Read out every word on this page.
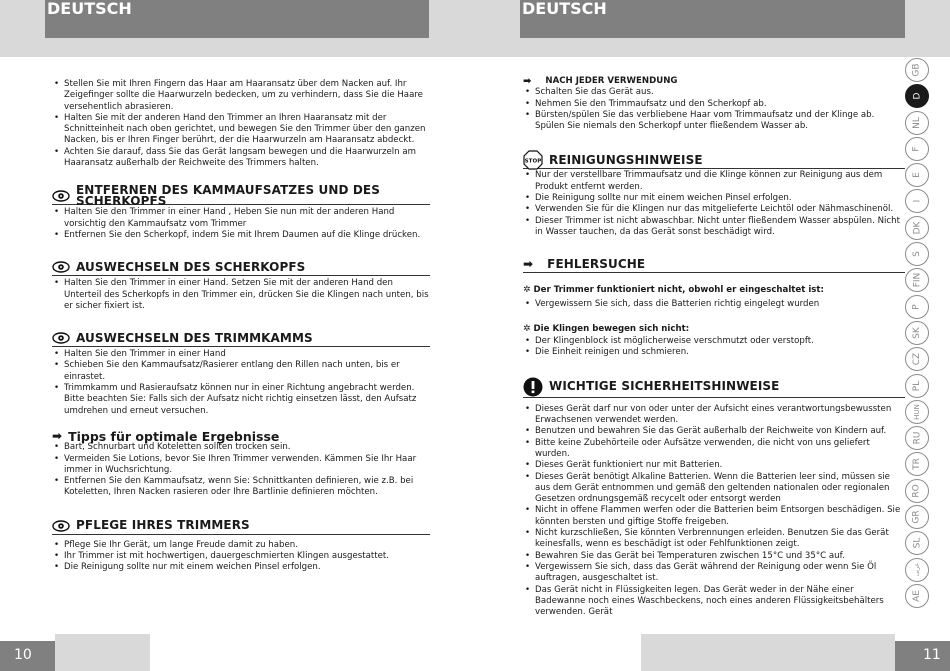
DEUTSCH	DEUTSCH
• Stellen Sie mit Ihren Fingern das Haar am Haaransatz über dem Nacken auf. Ihr Zeigefinger sollte die Haarwurzeln bedecken, um zu verhindern, dass Sie die Haare versehentlich abrasieren.
• Halten Sie mit der anderen Hand den Trimmer an Ihren Haaransatz mit der Schnitteinheit nach oben gerichtet, und bewegen Sie den Trimmer über den ganzen Nacken, bis er Ihren Finger berührt, der die Haarwurzeln am Haaransatz abdeckt.
• Achten Sie darauf, dass Sie das Gerät langsam bewegen und die Haarwurzeln am Haaransatz außerhalb der Reichweite des Trimmers halten.
ENTFERNEN DES KAMMAUFSATZES UND DES SCHERKOPFS
• Halten Sie den Trimmer in einer Hand , Heben Sie nun mit der anderen Hand vorsichtig den Kammaufsatz vom Trimmer
• Entfernen Sie den Scherkopf, indem Sie mit Ihrem Daumen auf die Klinge drücken.
AUSWECHSELN DES SCHERKOPFS
• Halten Sie den Trimmer in einer Hand. Setzen Sie mit der anderen Hand den Unterteil des Scherkopfs in den Trimmer ein, drücken Sie die Klingen nach unten, bis er sicher fixiert ist.
AUSWECHSELN DES TRIMMKAMMS
• Halten Sie den Trimmer in einer Hand
• Schieben Sie den Kammaufsatz/Rasierer entlang den Rillen nach unten, bis er einrastet.
• Trimmkamm und Rasieraufsatz können nur in einer Richtung angebracht werden.
Bitte beachten Sie: Falls sich der Aufsatz nicht richtig einsetzen lässt, den Aufsatz umdrehen und erneut versuchen.
➡ Tipps für optimale Ergebnisse
• Bart, Schnurbart und Koteletten sollten trocken sein.
• Vermeiden Sie Lotions, bevor Sie Ihren Trimmer verwenden. Kämmen Sie Ihr Haar immer in Wuchsrichtung.
• Entfernen Sie den Kammaufsatz, wenn Sie: Schnittkanten definieren, wie z.B. bei Koteletten, Ihren Nacken rasieren oder Ihre Bartlinie definieren möchten.
PFLEGE IHRES TRIMMERS
• Pflege Sie Ihr Gerät, um lange Freude damit zu haben.
• Ihr Trimmer ist mit hochwertigen, dauergeschmierten Klingen ausgestattet.
• Die Reinigung sollte nur mit einem weichen Pinsel erfolgen.
➡ NACH JEDER VERWENDUNG
• Schalten Sie das Gerät aus.
• Nehmen Sie den Trimmaufsatz und den Scherkopf ab.
• Bürsten/spülen Sie das verbliebene Haar vom Trimmaufsatz und der Klinge ab. Spülen Sie niemals den Scherkopf unter fließendem Wasser ab.
STOP REINIGUNGSHINWEISE
• Nur der verstellbare Trimmaufsatz und die Klinge können zur Reinigung aus dem Produkt entfernt werden.
• Die Reinigung sollte nur mit einem weichen Pinsel erfolgen.
• Verwenden Sie für die Klingen nur das mitgelieferte Leichtöl oder Nähmaschinenöl.
• Dieser Trimmer ist nicht abwaschbar. Nicht unter fließendem Wasser abspülen. Nicht in Wasser tauchen, da das Gerät sonst beschädigt wird.
➡ FEHLERSUCHE
✲ Der Trimmer funktioniert nicht, obwohl er eingeschaltet ist:
• Vergewissern Sie sich, dass die Batterien richtig eingelegt wurden
✲ Die Klingen bewegen sich nicht:
• Der Klingenblock ist möglicherweise verschmutzt oder verstopft.
• Die Einheit reinigen und schmieren.
WICHTIGE SICHERHEITSHINWEISE
• Dieses Gerät darf nur von oder unter der Aufsicht eines verantwortungsbewussten Erwachsenen verwendet werden.
• Benutzen und bewahren Sie das Gerät außerhalb der Reichweite von Kindern auf.
• Bitte keine Zubehörteile oder Aufsätze verwenden, die nicht von uns geliefert wurden.
• Dieses Gerät funktioniert nur mit Batterien.
• Dieses Gerät benötigt Alkaline Batterien. Wenn die Batterien leer sind, müssen sie aus dem Gerät entnommen und gemäß den geltenden nationalen oder regionalen Gesetzen ordnungsgemäß recycelt oder entsorgt werden
• Nicht in offene Flammen werfen oder die Batterien beim Entsorgen beschädigen. Sie könnten bersten und giftige Stoffe freigeben.
• Nicht kurzschließen, Sie könnten Verbrennungen erleiden. Benutzen Sie das Gerät keinesfalls, wenn es beschädigt ist oder Fehlfunktionen zeigt.
• Bewahren Sie das Gerät bei Temperaturen zwischen 15°C und 35°C auf.
• Vergewissern Sie sich, dass das Gerät während der Reinigung oder wenn Sie Öl auftragen, ausgeschaltet ist.
• Das Gerät nicht in Flüssigkeiten legen. Das Gerät weder in der Nähe einer Badewanne noch eines Waschbeckens, noch eines anderen Flüssigkeitsbehälters verwenden. Gerät
GB
D
NL
F
E
I
DK
S
FIN
P
SK
CZ
PL
HUN
RU
TR
RO
GR
SL
عربى
AE
10	11
